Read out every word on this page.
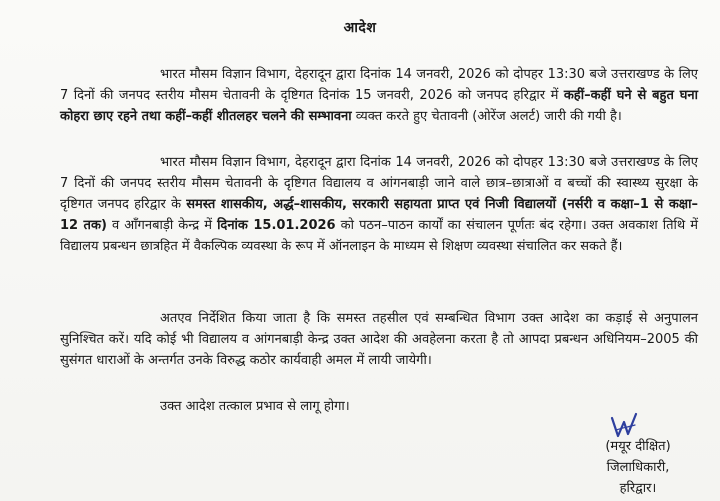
आदेश

भारत मौसम विज्ञान विभाग, देहरादून द्वारा दिनांक 14 जनवरी, 2026 को दोपहर 13:30 बजे उत्तराखण्ड के लिए 7 दिनों की जनपद स्तरीय मौसम चेतावनी के दृष्टिगत दिनांक 15 जनवरी, 2026 को जनपद हरिद्वार में कहीं–कहीं घने से बहुत घना कोहरा छाए रहने तथा कहीं–कहीं शीतलहर चलने की सम्भावना व्यक्त करते हुए चेतावनी (ओरेंज अलर्ट) जारी की गयी है।

भारत मौसम विज्ञान विभाग, देहरादून द्वारा दिनांक 14 जनवरी, 2026 को दोपहर 13:30 बजे उत्तराखण्ड के लिए 7 दिनों की जनपद स्तरीय मौसम चेतावनी के दृष्टिगत विद्यालय व आंगनबाड़ी जाने वाले छात्र–छात्राओं व बच्चों की स्वास्थ्य सुरक्षा के दृष्टिगत जनपद हरिद्वार के समस्त शासकीय, अर्द्ध–शासकीय, सरकारी सहायता प्राप्त एवं निजी विद्यालयों (नर्सरी व कक्षा–1 से कक्षा–12 तक) व आँगनबाड़ी केन्द्र में दिनांक 15.01.2026 को पठन–पाठन कार्यों का संचालन पूर्णतः बंद रहेगा। उक्त अवकाश तिथि में विद्यालय प्रबन्धन छात्रहित में वैकल्पिक व्यवस्था के रूप में ऑनलाइन के माध्यम से शिक्षण व्यवस्था संचालित कर सकते हैं।

अतएव निर्देशित किया जाता है कि समस्त तहसील एवं सम्बन्धित विभाग उक्त आदेश का कड़ाई से अनुपालन सुनिश्चित करें। यदि कोई भी विद्यालय व आंगनबाड़ी केन्द्र उक्त आदेश की अवहेलना करता है तो आपदा प्रबन्धन अधिनियम–2005 की सुसंगत धाराओं के अन्तर्गत उनके विरुद्ध कठोर कार्यवाही अमल में लायी जायेगी।

उक्त आदेश तत्काल प्रभाव से लागू होगा।

(मयूर दीक्षित)
जिलाधिकारी,
हरिद्वार।
